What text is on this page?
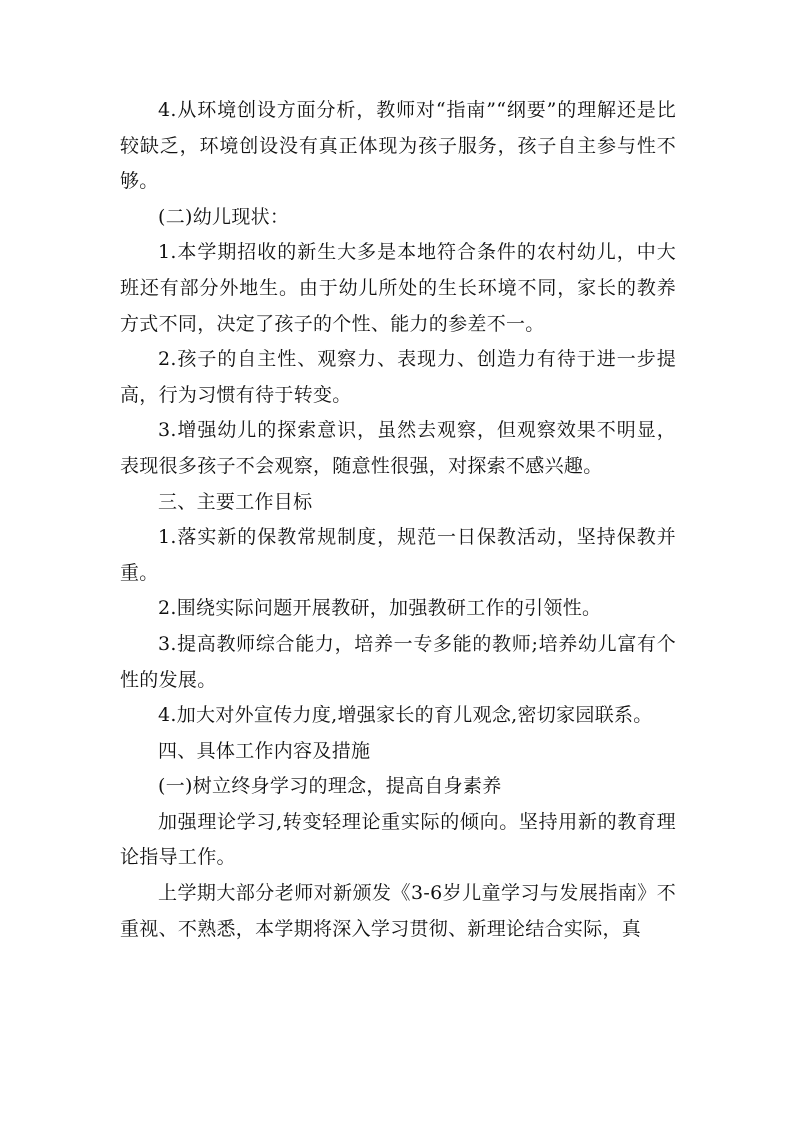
4.从环境创设方面分析，教师对“指南”“纲要”的理解还是比较缺乏，环境创设没有真正体现为孩子服务，孩子自主参与性不够。

(二)幼儿现状：

1.本学期招收的新生大多是本地符合条件的农村幼儿，中大班还有部分外地生。由于幼儿所处的生长环境不同，家长的教养方式不同，决定了孩子的个性、能力的参差不一。

2.孩子的自主性、观察力、表现力、创造力有待于进一步提高，行为习惯有待于转变。

3.增强幼儿的探索意识，虽然去观察，但观察效果不明显，表现很多孩子不会观察，随意性很强，对探索不感兴趣。

三、主要工作目标

1.落实新的保教常规制度，规范一日保教活动，坚持保教并重。

2.围绕实际问题开展教研，加强教研工作的引领性。

3.提高教师综合能力，培养一专多能的教师;培养幼儿富有个性的发展。

4.加大对外宣传力度,增强家长的育儿观念,密切家园联系。

四、具体工作内容及措施

(一)树立终身学习的理念，提高自身素养

加强理论学习,转变轻理论重实际的倾向。坚持用新的教育理论指导工作。

上学期大部分老师对新颁发《3-6岁儿童学习与发展指南》不重视、不熟悉，本学期将深入学习贯彻、新理论结合实际，真
